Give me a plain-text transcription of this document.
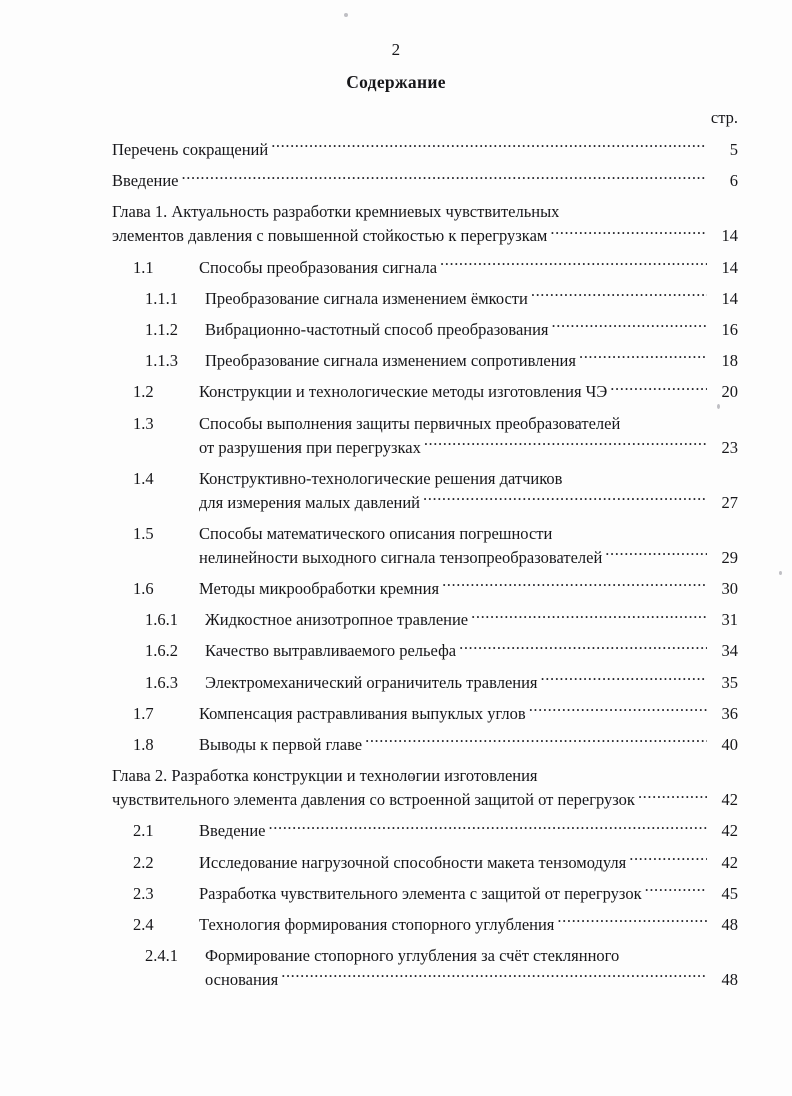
2
Содержание
стр.
Перечень сокращений .....	5
Введение .....	6
Глава 1. Актуальность разработки кремниевых чувствительных
элементов давления с повышенной стойкостью к перегрузкам .....	14
1.1	Способы преобразования сигнала .....	14
1.1.1	Преобразование сигнала изменением ёмкости .....	14
1.1.2	Вибрационно-частотный способ преобразования .....	16
1.1.3	Преобразование сигнала изменением сопротивления .....	18
1.2	Конструкции и технологические методы изготовления ЧЭ .....	20
1.3	Способы выполнения защиты первичных преобразователей
от разрушения при перегрузках .....	23
1.4	Конструктивно-технологические решения датчиков
для измерения малых давлений .....	27
1.5	Способы математического описания погрешности
нелинейности выходного сигнала тензопреобразователей .....	29
1.6	Методы микрообработки кремния .....	30
1.6.1	Жидкостное анизотропное травление .....	31
1.6.2	Качество вытравливаемого рельефа .....	34
1.6.3	Электромеханический ограничитель травления .....	35
1.7	Компенсация растравливания выпуклых углов .....	36
1.8	Выводы к первой главе .....	40
Глава 2. Разработка конструкции и технологии изготовления
чувствительного элемента давления со встроенной защитой от перегрузок .....	42
2.1	Введение .....	42
2.2	Исследование нагрузочной способности макета тензомодуля .....	42
2.3	Разработка чувствительного элемента с защитой от перегрузок .....	45
2.4	Технология формирования стопорного углубления .....	48
2.4.1	Формирование стопорного углубления за счёт стеклянного
основания .....	48
